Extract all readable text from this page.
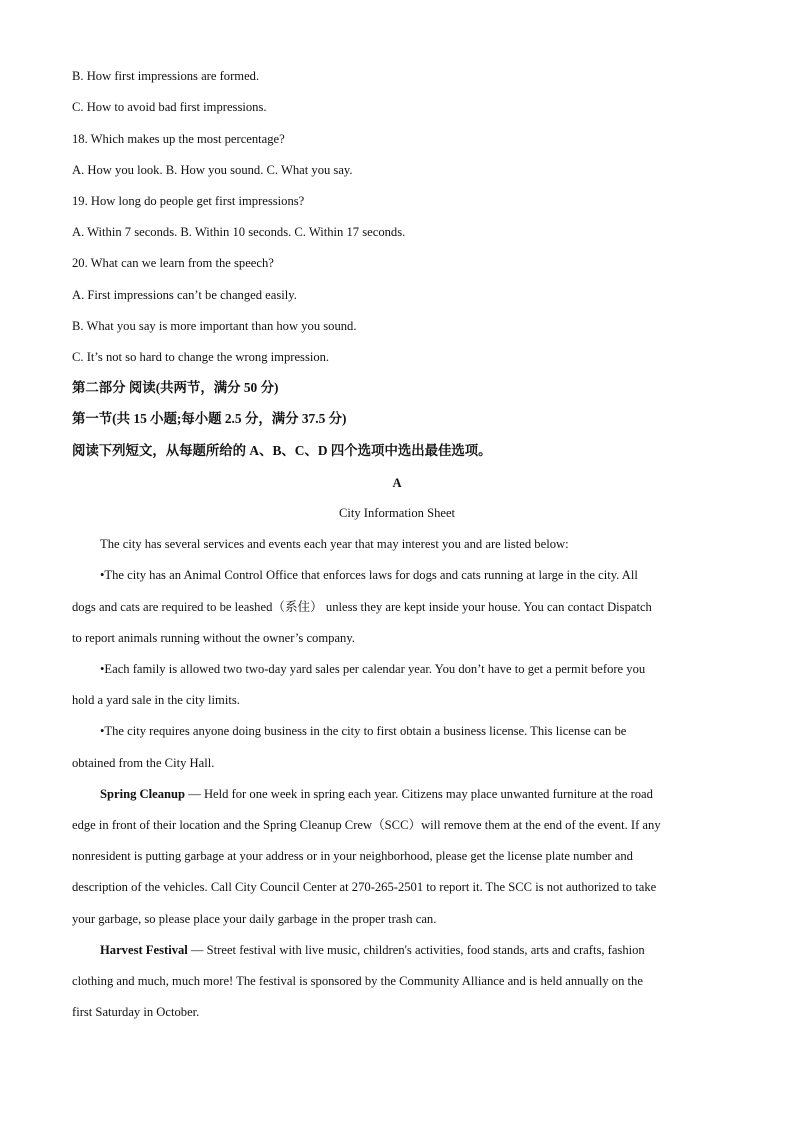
B. How first impressions are formed.
C. How to avoid bad first impressions.
18. Which makes up the most percentage?
A. How you look. B. How you sound. C. What you say.
19. How long do people get first impressions?
A. Within 7 seconds. B. Within 10 seconds. C. Within 17 seconds.
20. What can we learn from the speech?
A. First impressions can’t be changed easily.
B. What you say is more important than how you sound.
C. It’s not so hard to change the wrong impression.
第二部分 阅读(共两节，满分 50 分)
第一节(共 15 小题;每小题 2.5 分，满分 37.5 分)
阅读下列短文，从每题所给的 A、B、C、D 四个选项中选出最佳选项。
A
City Information Sheet
The city has several services and events each year that may interest you and are listed below:
•The city has an Animal Control Office that enforces laws for dogs and cats running at large in the city. All
dogs and cats are required to be leashed（系住） unless they are kept inside your house. You can contact Dispatch
to report animals running without the owner’s company.
•Each family is allowed two two-day yard sales per calendar year. You don’t have to get a permit before you
hold a yard sale in the city limits.
•The city requires anyone doing business in the city to first obtain a business license. This license can be
obtained from the City Hall.
Spring Cleanup — Held for one week in spring each year. Citizens may place unwanted furniture at the road
edge in front of their location and the Spring Cleanup Crew（SCC）will remove them at the end of the event. If any
nonresident is putting garbage at your address or in your neighborhood, please get the license plate number and
description of the vehicles. Call City Council Center at 270-265-2501 to report it. The SCC is not authorized to take
your garbage, so please place your daily garbage in the proper trash can.
Harvest Festival — Street festival with live music, children's activities, food stands, arts and crafts, fashion
clothing and much, much more! The festival is sponsored by the Community Alliance and is held annually on the
first Saturday in October.
